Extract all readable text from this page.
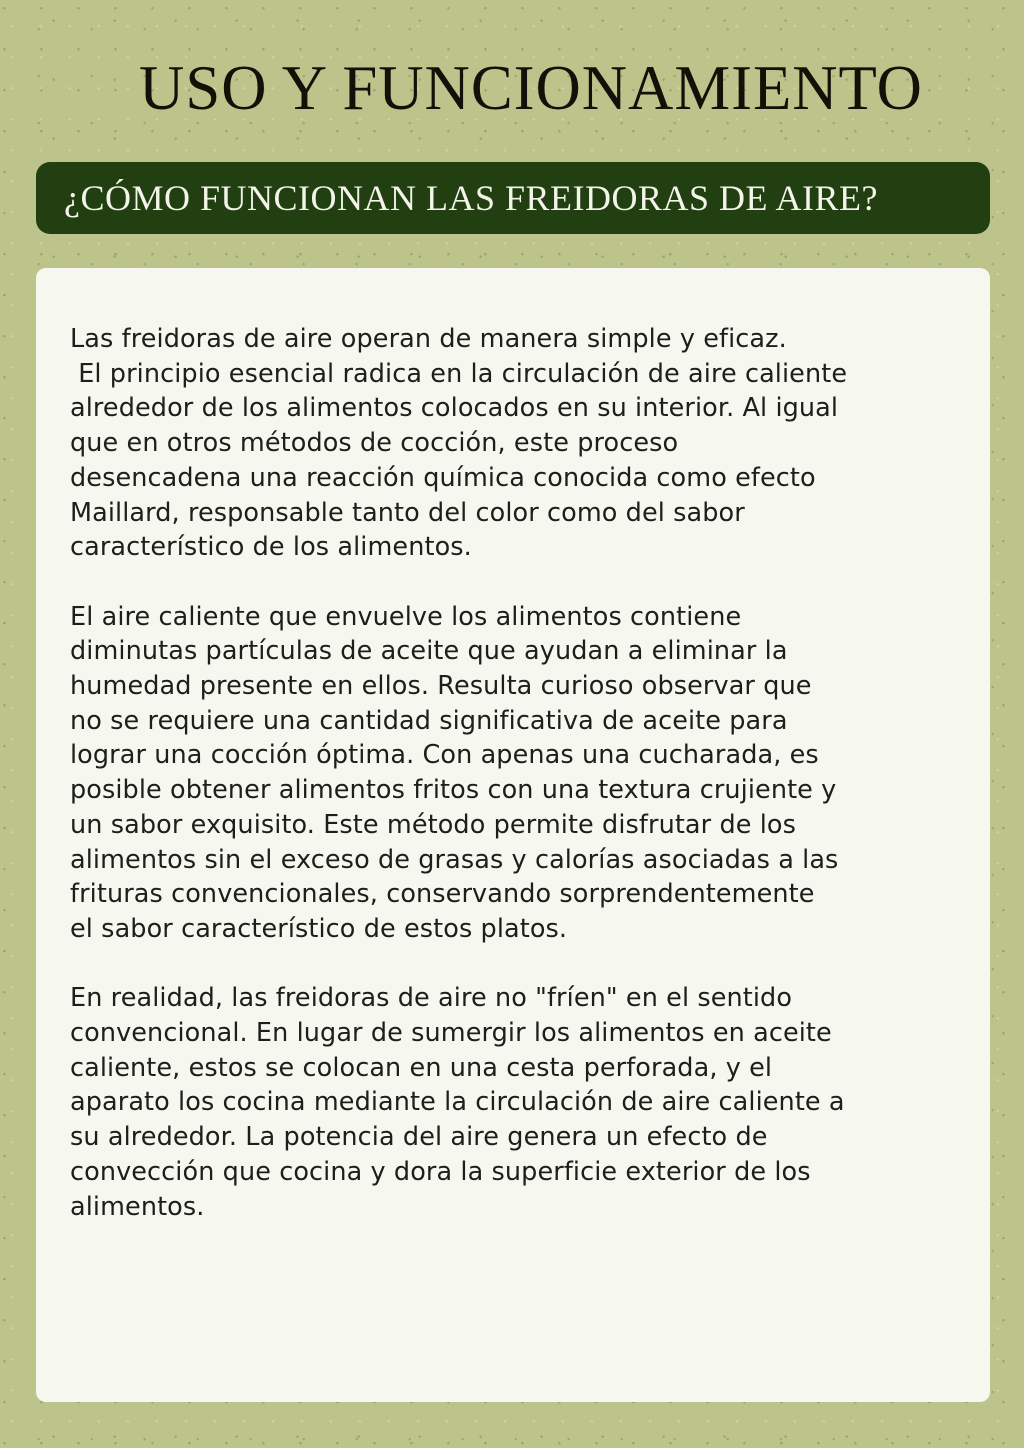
USO Y FUNCIONAMIENTO
¿CÓMO FUNCIONAN LAS FREIDORAS DE AIRE?

Las freidoras de aire operan de manera simple y eficaz.
El principio esencial radica en la circulación de aire caliente
alrededor de los alimentos colocados en su interior. Al igual
que en otros métodos de cocción, este proceso
desencadena una reacción química conocida como efecto
Maillard, responsable tanto del color como del sabor
característico de los alimentos.

El aire caliente que envuelve los alimentos contiene
diminutas partículas de aceite que ayudan a eliminar la
humedad presente en ellos. Resulta curioso observar que
no se requiere una cantidad significativa de aceite para
lograr una cocción óptima. Con apenas una cucharada, es
posible obtener alimentos fritos con una textura crujiente y
un sabor exquisito. Este método permite disfrutar de los
alimentos sin el exceso de grasas y calorías asociadas a las
frituras convencionales, conservando sorprendentemente
el sabor característico de estos platos.

En realidad, las freidoras de aire no "fríen" en el sentido
convencional. En lugar de sumergir los alimentos en aceite
caliente, estos se colocan en una cesta perforada, y el
aparato los cocina mediante la circulación de aire caliente a
su alrededor. La potencia del aire genera un efecto de
convección que cocina y dora la superficie exterior de los
alimentos.
